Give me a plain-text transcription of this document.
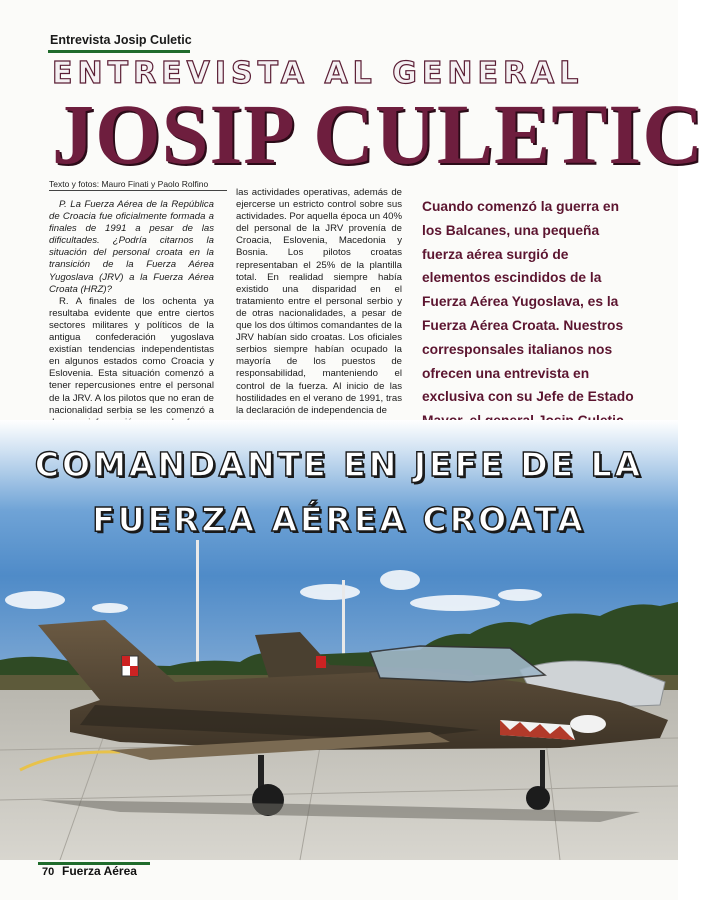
Entrevista Josip Culetic
ENTREVISTA AL GENERAL
JOSIP CULETIC
Texto y fotos: Mauro Finati y Paolo Rolfino

P. La Fuerza Aérea de la República de Croacia fue oficialmente formada a finales de 1991 a pesar de las dificultades. ¿Podría citarnos la situación del personal croata en la transición de la Fuerza Aérea Yugoslava (JRV) a la Fuerza Aérea Croata (HRZ)?

R. A finales de los ochenta ya resultaba evidente que entre ciertos sectores militares y políticos de la antigua confederación yugoslava existían tendencias independentistas en algunos estados como Croacia y Eslovenia. Esta situación comenzó a tener repercusiones entre el personal de la JRV. A los pilotos que no eran de nacionalidad serbia se les comenzó a

las actividades operativas, además de ejercerse un estricto control sobre sus actividades. Por aquella época un 40% del personal de la JRV provenía de Croacia, Eslovenia, Macedonia y Bosnia. Los pilotos croatas representaban el 25% de la plantilla total. En realidad siempre había existido una disparidad en el tratamiento entre el personal serbio y de otras nacionalidades, a pesar de que los dos últimos comandantes de la JRV habían sido croatas. Los oficiales serbios siempre habían ocupado la mayoría de los puestos de responsabilidad, manteniendo el control de la fuerza. Al inicio de las hostilidades en el verano de 1991, tras la declaración de independencia de

Cuando comenzó la guerra en los Balcanes, una pequeña fuerza aérea surgió de elementos escindidos de la Fuerza Aérea Yugoslava, es la Fuerza Aérea Croata. Nuestros corresponsales italianos nos ofrecen una entrevista en exclusiva con su Jefe de Estado
COMANDANTE EN JEFE DE LA
FUERZA AÉREA CROATA
70 Fuerza Aérea
